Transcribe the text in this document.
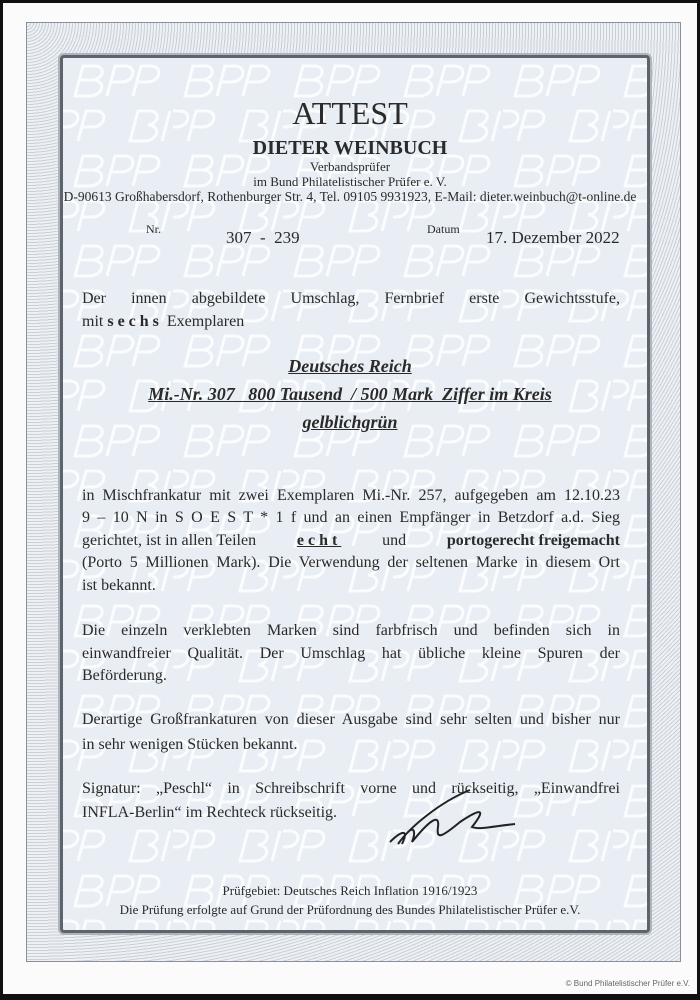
ATTEST
DIETER WEINBUCH
Verbandsprüfer
im Bund Philatelistischer Prüfer e. V.
D-90613 Großhabersdorf, Rothenburger Str. 4, Tel. 09105 9931923, E-Mail: dieter.weinbuch@t-online.de
Nr.	307  -  239	Datum 17. Dezember 2022
Der innen abgebildete Umschlag, Fernbrief erste Gewichtsstufe,
mit sechs Exemplaren
Deutsches Reich
Mi.-Nr. 307   800 Tausend  / 500 Mark  Ziffer im Kreis
gelblichgrün
in Mischfrankatur mit zwei Exemplaren Mi.-Nr. 257, aufgegeben am 12.10.23
9 – 10 N in S O E S T * 1 f und an einen Empfänger in Betzdorf a.d. Sieg
gerichtet, ist in allen Teilen	echt	und	portogerecht freigemacht
(Porto 5 Millionen Mark). Die Verwendung der seltenen Marke in diesem Ort
ist bekannt.
Die einzeln verklebten Marken sind farbfrisch und befinden sich in
einwandfreier Qualität. Der Umschlag hat übliche kleine Spuren der
Beförderung.
Derartige Großfrankaturen von dieser Ausgabe sind sehr selten und bisher nur
in sehr wenigen Stücken bekannt.
Signatur: „Peschl“ in Schreibschrift vorne und rückseitig, „Einwandfrei
INFLA-Berlin“ im Rechteck rückseitig.
Prüfgebiet: Deutsches Reich Inflation 1916/1923
Die Prüfung erfolgte auf Grund der Prüfordnung des Bundes Philatelistischer Prüfer e.V.
© Bund Philatelistischer Prüfer e.V.
